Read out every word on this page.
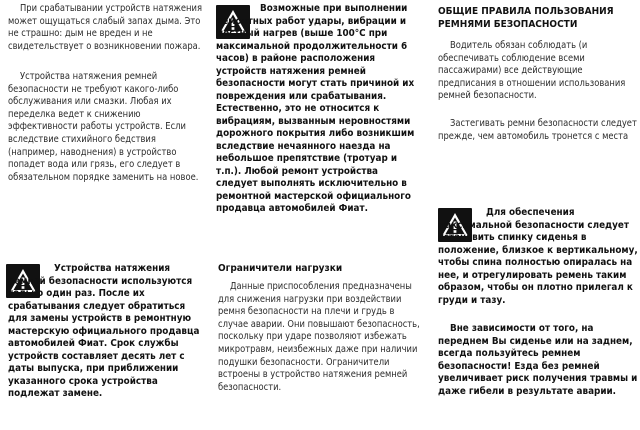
При срабатывании устройств натяжения может ощущаться слабый запах дыма. Это не страшно: дым не вреден и не свидетельствует о возникновении пожара.

Устройства натяжения ремней безопасности не требуют какого-либо обслуживания или смазки. Любая их переделка ведет к снижению эффективности работы устройств. Если вследствие стихийного бедствия (например, наводнения) в устройство попадет вода или грязь, его следует в обязательном порядке заменить на новое.

Устройства натяжения ремней безопасности используются только один раз. После их срабатывания следует обратиться для замены устройств в ремонтную мастерскую официального продавца автомобилей Фиат. Срок службы устройств составляет десять лет с даты выпуска, при приближении указанного срока устройства подлежат замене.

Возможные при выполнении ремонтных работ удары, вибрации и местный нагрев (выше 100°C при максимальной продолжительности 6 часов) в районе расположения устройств натяжения ремней безопасности могут стать причиной их повреждения или срабатывания. Естественно, это не относится к вибрациям, вызванным неровностями дорожного покрытия либо возникшим вследствие нечаянного наезда на небольшое препятствие (тротуар и т.п.). Любой ремонт устройства следует выполнять исключительно в ремонтной мастерской официального продавца автомобилей Фиат.

Ограничители нагрузки

Данные приспособления предназначены для снижения нагрузки при воздействии ремня безопасности на плечи и грудь в случае аварии. Они повышают безопасность, поскольку при ударе позволяют избежать микротравм, неизбежных даже при наличии подушки безопасности. Ограничители встроены в устройство натяжения ремней безопасности.

ОБЩИЕ ПРАВИЛА ПОЛЬЗОВАНИЯ РЕМНЯМИ БЕЗОПАСНОСТИ

Водитель обязан соблюдать (и обеспечивать соблюдение всеми пассажирами) все действующие предписания в отношении использования ремней безопасности.

Застегивать ремни безопасности следует прежде, чем автомобиль тронется с места

Для обеспечения максимальной безопасности следует установить спинку сиденья в положение, близкое к вертикальному, чтобы спина полностью опиралась на нее, и отрегулировать ремень таким образом, чтобы он плотно прилегал к груди и тазу.

Вне зависимости от того, на переднем Вы сиденье или на заднем, всегда пользуйтесь ремнем безопасности! Езда без ремней увеличивает риск получения травмы и даже гибели в результате аварии.
